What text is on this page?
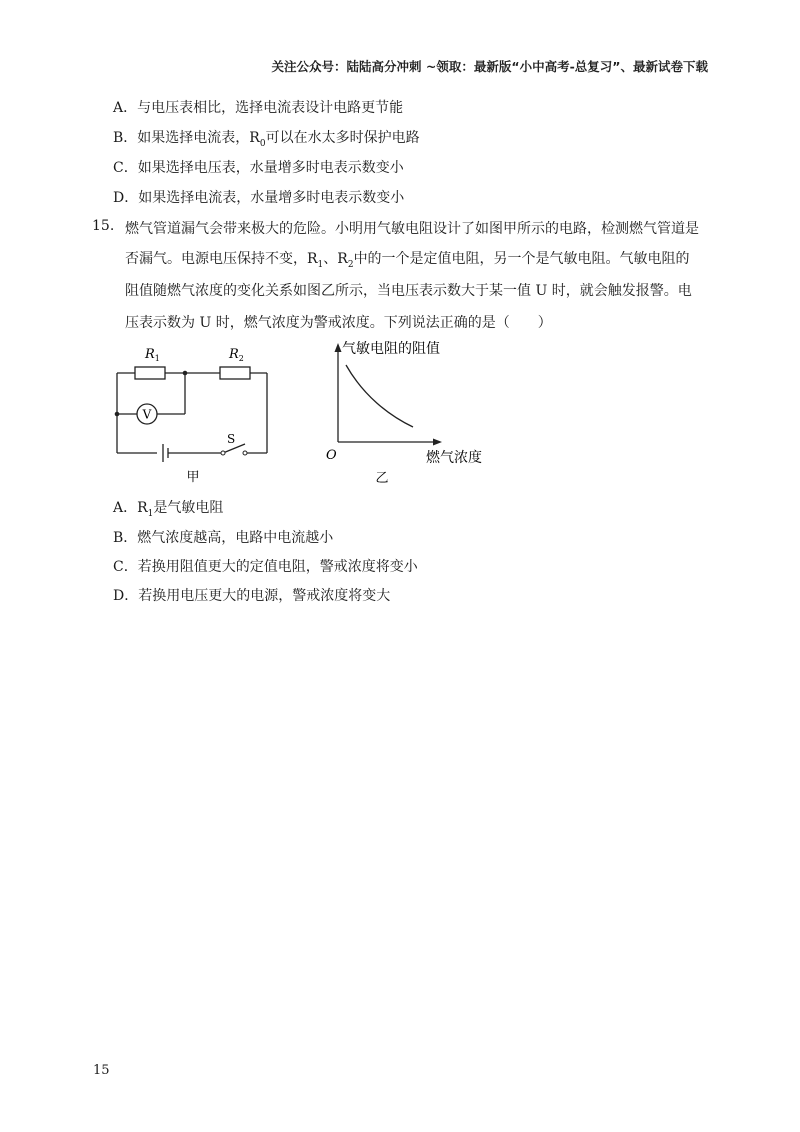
关注公众号：陆陆高分冲刺 ~领取：最新版“小中高考-总复习”、最新试卷下载
A．与电压表相比，选择电流表设计电路更节能
B．如果选择电流表，$R_0$可以在水太多时保护电路
C．如果选择电压表，水量增多时电表示数变小
D．如果选择电流表，水量增多时电表示数变小
15. 燃气管道漏气会带来极大的危险。小明用气敏电阻设计了如图甲所示的电路，检测燃气管道是
否漏气。电源电压保持不变，$R_1$、$R_2$中的一个是定值电阻，另一个是气敏电阻。气敏电阻的
阻值随燃气浓度的变化关系如图乙所示，当电压表示数大于某一值 U 时，就会触发报警。电
压表示数为 U 时，燃气浓度为警戒浓度。下列说法正确的是（　　）
$R_1$	$R_2$
V
S
甲
气敏电阻的阻值
燃气浓度
O
乙
A．$R_1$是气敏电阻
B．燃气浓度越高，电路中电流越小
C．若换用阻值更大的定值电阻，警戒浓度将变小
D．若换用电压更大的电源，警戒浓度将变大
15
